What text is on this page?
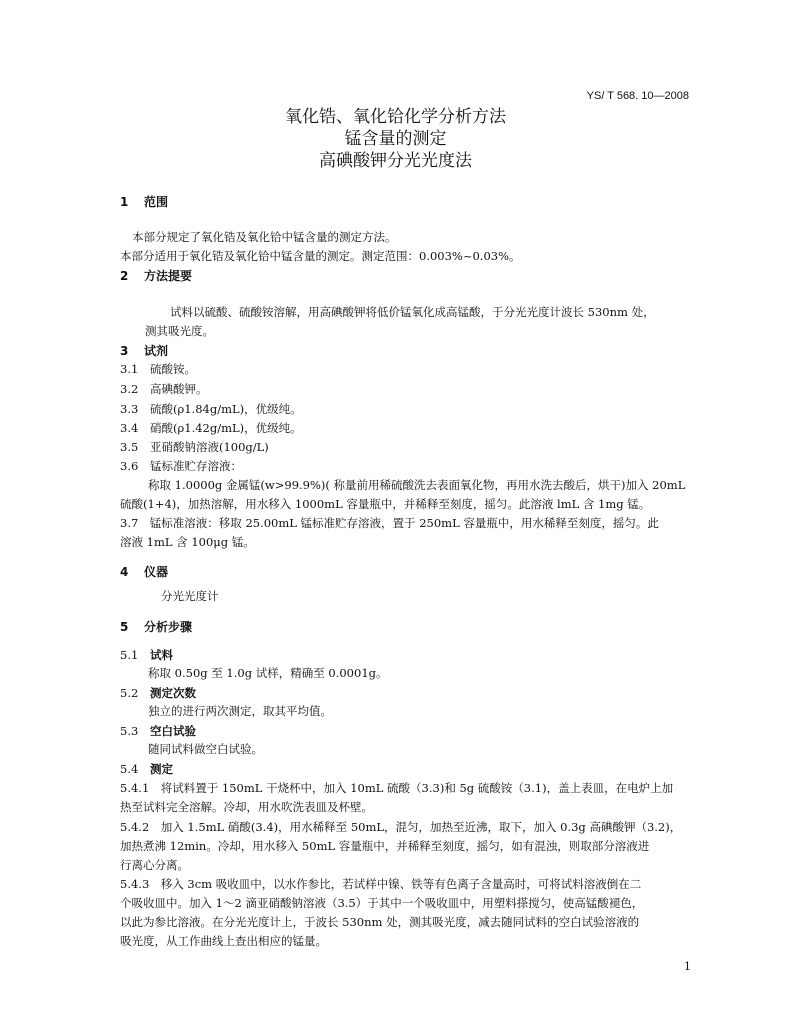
YS/ T 568. 10—2008
氧化锆、氧化铪化学分析方法
锰含量的测定
高碘酸钾分光光度法
1 范围
本部分规定了氧化锆及氧化铪中锰含量的测定方法。
本部分适用于氧化锆及氧化铪中锰含量的测定。测定范围：0.003%~0.03%。
2 方法提要
试料以硫酸、硫酸铵溶解，用高碘酸钾将低价锰氧化成高锰酸，于分光光度计波长 530nm 处，
测其吸光度。
3 试剂
3.1 硫酸铵。
3.2 高碘酸钾。
3.3 硫酸(ρ1.84g/mL)，优级纯。
3.4 硝酸(ρ1.42g/mL)，优级纯。
3.5 亚硝酸钠溶液(100g/L)
3.6 锰标准贮存溶液：
称取 1.0000g 金属锰(w>99.9%)( 称量前用稀硫酸洗去表面氧化物，再用水洗去酸后，烘干)加入 20mL
硫酸(1+4)，加热溶解，用水移入 1000mL 容量瓶中，并稀释至刻度，摇匀。此溶液 lmL 含 1mg 锰。
3.7　锰标准溶液：移取 25.00mL 锰标准贮存溶液，置于 250mL 容量瓶中，用水稀释至刻度，摇匀。此
溶液 1mL 含 100μg 锰。
4 仪器
分光光度计
5 分析步骤
5.1 试料
称取 0.50g 至 1.0g 试样，精确至 0.0001g。
5.2 测定次数
独立的进行两次测定，取其平均值。
5.3 空白试验
随同试料做空白试验。
5.4 测定
5.4.1　将试料置于 150mL 干烧杯中，加入 10mL 硫酸（3.3)和 5g 硫酸铵（3.1)，盖上表皿，在电炉上加
热至试料完全溶解。冷却，用水吹洗表皿及杯壁。
5.4.2　加入 1.5mL 硝酸(3.4)，用水稀释至 50mL，混匀，加热至近沸，取下，加入 0.3g 高碘酸钾（3.2)，
加热煮沸 12min。冷却，用水移入 50mL 容量瓶中，并稀释至刻度，摇匀，如有混浊，则取部分溶液进
行离心分离。
5.4.3　移入 3cm 吸收皿中，以水作参比，若试样中镍、铁等有色离子含量高时，可将试料溶液倒在二
个吸收皿中。加入 1～2 滴亚硝酸钠溶液（3.5）于其中一个吸收皿中，用塑料搽搅匀，使高锰酸褪色，
以此为参比溶液。在分光光度计上，于波长 530nm 处，测其吸光度，减去随同试料的空白试验溶液的
吸光度，从工作曲线上查出相应的锰量。
1
